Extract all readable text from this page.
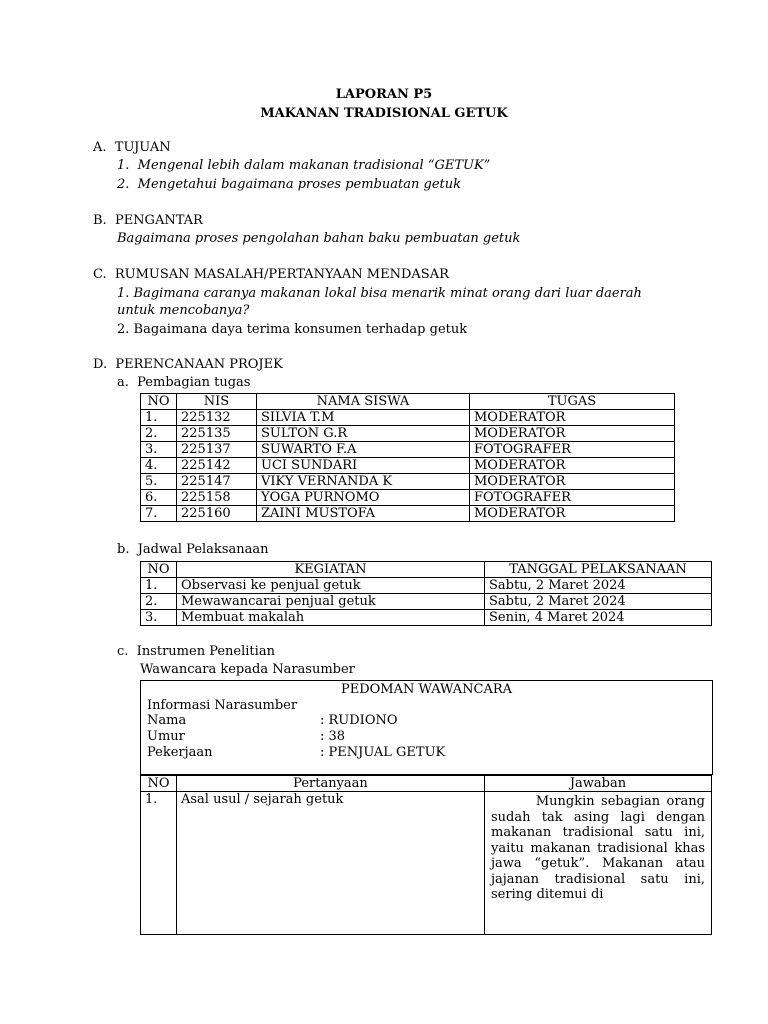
LAPORAN P5
MAKANAN TRADISIONAL GETUK
A.  TUJUAN
1.  Mengenal lebih dalam makanan tradisional “GETUK”
2.  Mengetahui bagaimana proses pembuatan getuk
B.  PENGANTAR
Bagaimana proses pengolahan bahan baku pembuatan getuk
C.  RUMUSAN MASALAH/PERTANYAAN MENDASAR
1. Bagimana caranya makanan lokal bisa menarik minat orang dari luar daerah
untuk mencobanya?
2. Bagaimana daya terima konsumen terhadap getuk
D.  PERENCANAAN PROJEK
a.  Pembagian tugas
NO	NIS	NAMA SISWA	TUGAS
1.	225132	SILVIA T.M	MODERATOR
2.	225135	SULTON G.R	MODERATOR
3.	225137	SUWARTO F.A	FOTOGRAFER
4.	225142	UCI SUNDARI	MODERATOR
5.	225147	VIKY VERNANDA K	MODERATOR
6.	225158	YOGA PURNOMO	FOTOGRAFER
7.	225160	ZAINI MUSTOFA	MODERATOR
b.  Jadwal Pelaksanaan
NO	KEGIATAN	TANGGAL PELAKSANAAN
1.	Observasi ke penjual getuk	Sabtu, 2 Maret 2024
2.	Mewawancarai penjual getuk	Sabtu, 2 Maret 2024
3.	Membuat makalah	Senin, 4 Maret 2024
c.  Instrumen Penelitian
Wawancara kepada Narasumber
PEDOMAN WAWANCARA
Informasi Narasumber
Nama	: RUDIONO
Umur	: 38
Pekerjaan	: PENJUAL GETUK
NO	Pertanyaan	Jawaban
1.	Asal usul / sejarah getuk	Mungkin sebagian orang sudah tak asing lagi dengan makanan tradisional satu ini, yaitu makanan tradisional khas jawa “getuk”. Makanan atau jajanan tradisional satu ini, sering ditemui di
